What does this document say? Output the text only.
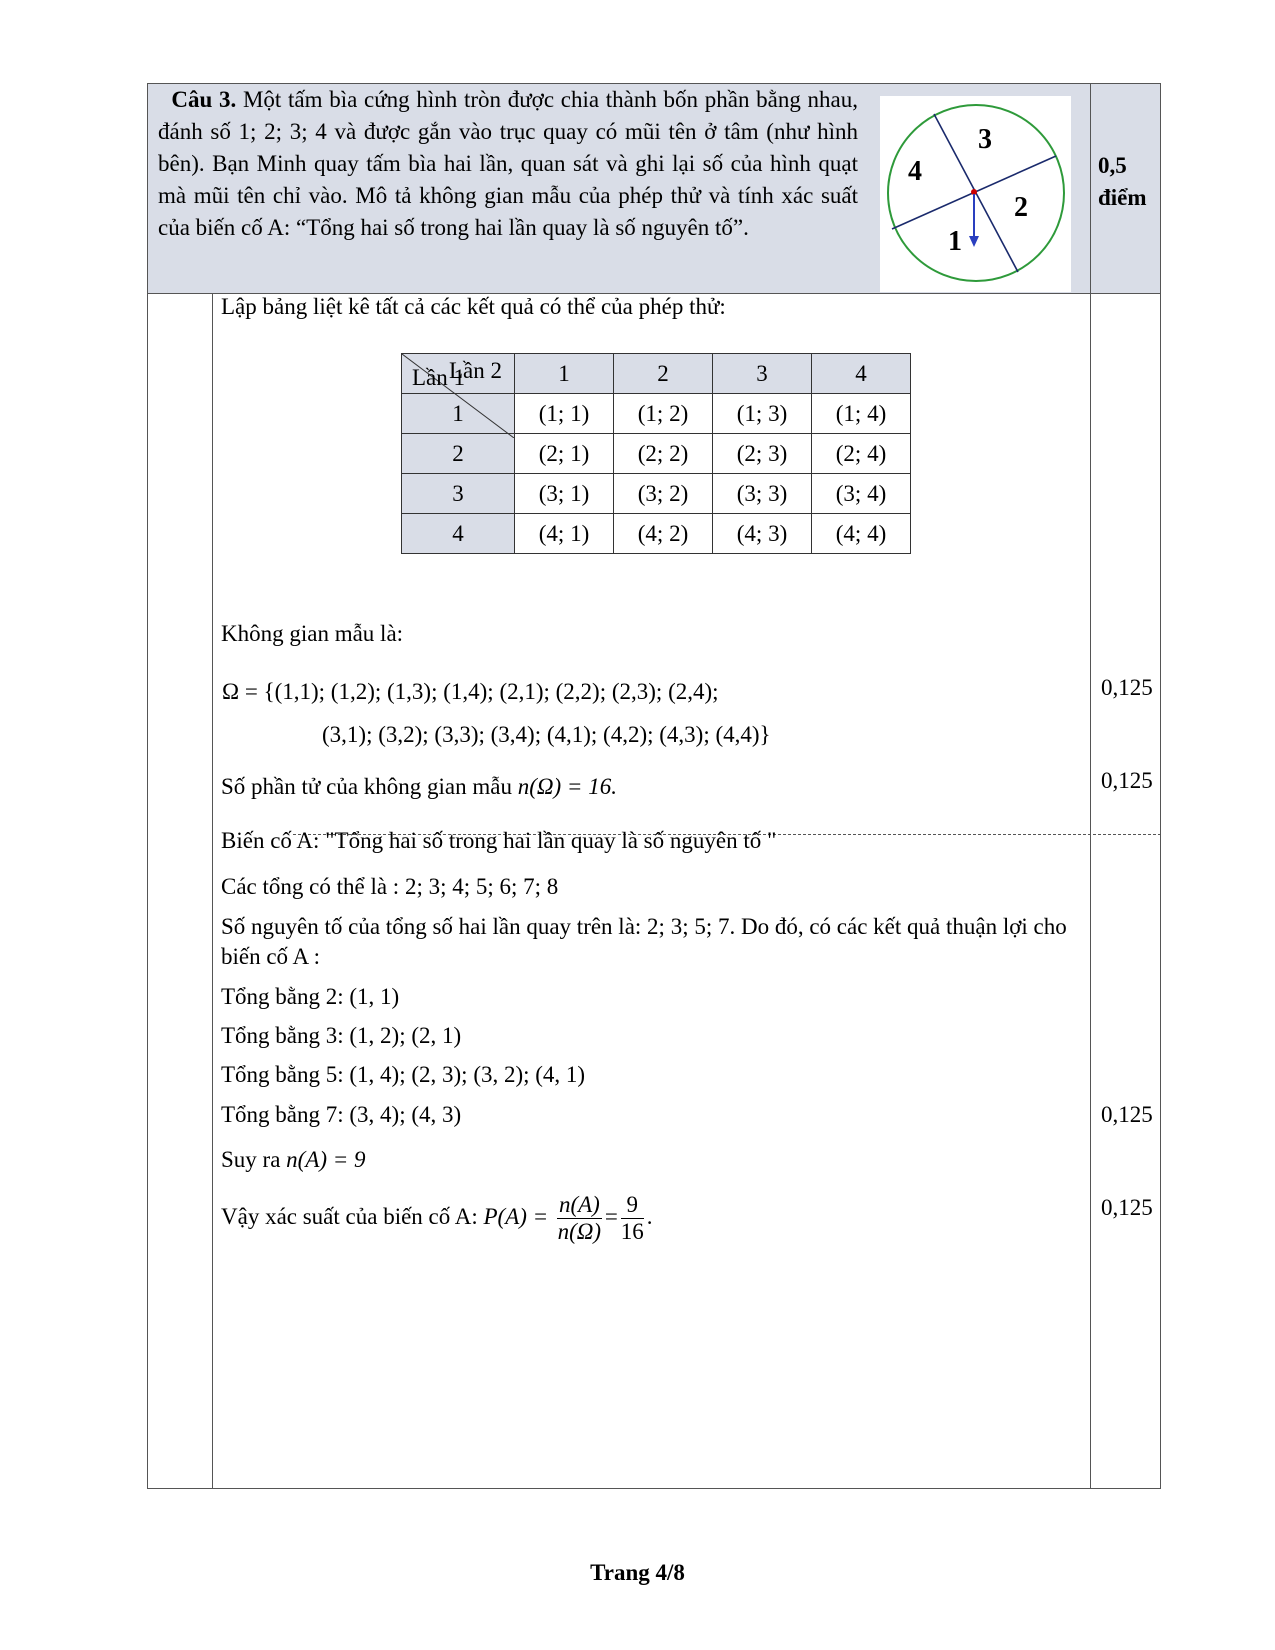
Câu 3. Một tấm bìa cứng hình tròn được chia thành bốn phần bằng nhau, đánh số 1; 2; 3; 4 và được gắn vào trục quay có mũi tên ở tâm (như hình bên). Bạn Minh quay tấm bìa hai lần, quan sát và ghi lại số của hình quạt mà mũi tên chỉ vào. Mô tả không gian mẫu của phép thử và tính xác suất của biến cố A: “Tổng hai số trong hai lần quay là số nguyên tố”.
3
4
2
1
0,5
điểm
Lập bảng liệt kê tất cả các kết quả có thể của phép thử:
Lần 2
Lần 1	1	2	3	4
1	(1; 1)	(1; 2)	(1; 3)	(1; 4)
2	(2; 1)	(2; 2)	(2; 3)	(2; 4)
3	(3; 1)	(3; 2)	(3; 3)	(3; 4)
4	(4; 1)	(4; 2)	(4; 3)	(4; 4)
Không gian mẫu là:
Ω = {(1,1); (1,2); (1,3); (1,4); (2,1); (2,2); (2,3); (2,4);
(3,1); (3,2); (3,3); (3,4); (4,1); (4,2); (4,3); (4,4)}
0,125
Số phần tử của không gian mẫu n(Ω) = 16.	0,125
Biến cố A: "Tổng hai số trong hai lần quay là số nguyên tố "
Các tổng có thể là : 2; 3; 4; 5; 6; 7; 8
Số nguyên tố của tổng số hai lần quay trên là: 2; 3; 5; 7. Do đó, có các kết quả thuận lợi cho biến cố A :
Tổng bằng 2: (1, 1)
Tổng bằng 3: (1, 2); (2, 1)
Tổng bằng 5: (1, 4); (2, 3); (3, 2); (4, 1)
Tổng bằng 7: (3, 4); (4, 3)	0,125
Suy ra n(A) = 9
Vậy xác suất của biến cố A: $P(A) = \frac{n(A)}{n(\Omega)} = \frac{9}{16}$ .	0,125
Trang 4/8
